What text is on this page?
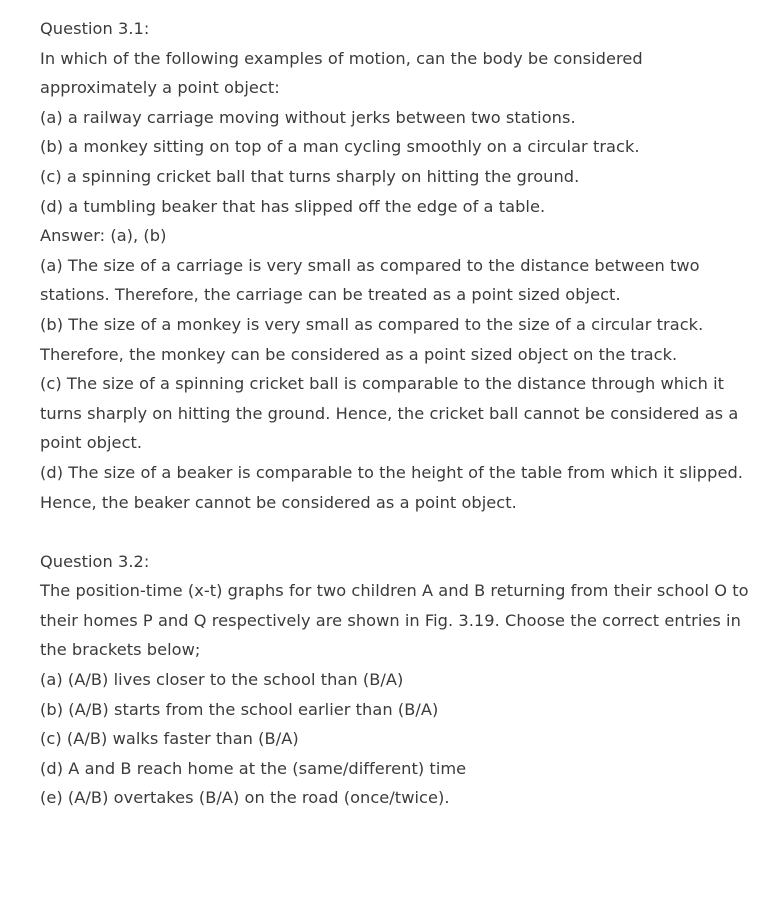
Question 3.1:
In which of the following examples of motion, can the body be considered approximately a point object:
(a) a railway carriage moving without jerks between two stations.
(b) a monkey sitting on top of a man cycling smoothly on a circular track.
(c) a spinning cricket ball that turns sharply on hitting the ground.
(d) a tumbling beaker that has slipped off the edge of a table.
Answer: (a), (b)
(a) The size of a carriage is very small as compared to the distance between two stations. Therefore, the carriage can be treated as a point sized object.
(b) The size of a monkey is very small as compared to the size of a circular track. Therefore, the monkey can be considered as a point sized object on the track.
(c) The size of a spinning cricket ball is comparable to the distance through which it turns sharply on hitting the ground. Hence, the cricket ball cannot be considered as a point object.
(d) The size of a beaker is comparable to the height of the table from which it slipped. Hence, the beaker cannot be considered as a point object.
Question 3.2:
The position-time (x-t) graphs for two children A and B returning from their school O to their homes P and Q respectively are shown in Fig. 3.19. Choose the correct entries in the brackets below;
(a) (A/B) lives closer to the school than (B/A)
(b) (A/B) starts from the school earlier than (B/A)
(c) (A/B) walks faster than (B/A)
(d) A and B reach home at the (same/different) time
(e) (A/B) overtakes (B/A) on the road (once/twice).
